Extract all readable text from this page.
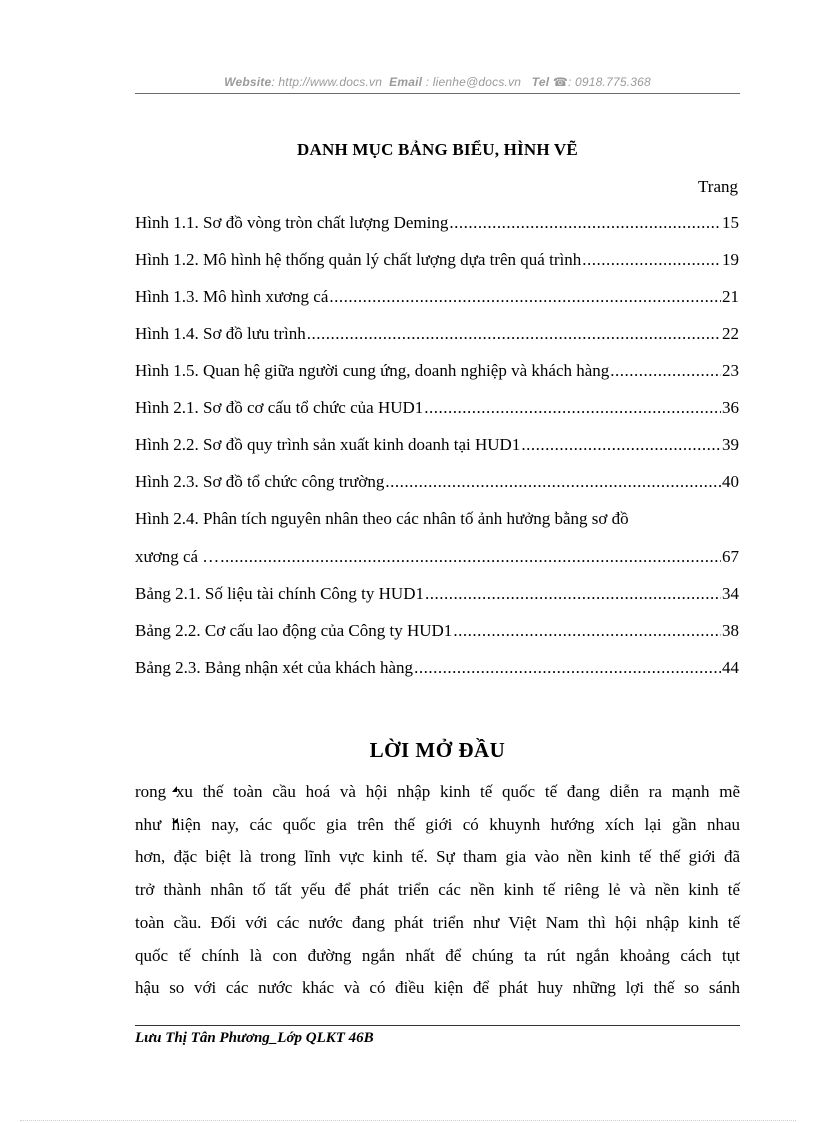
Website: http://www.docs.vn Email : lienhe@docs.vn Tel ☎: 0918.775.368
DANH MỤC BẢNG BIỂU, HÌNH VẼ
Trang
Hình 1.1. Sơ đồ vòng tròn chất lượng Deming .....	15
Hình 1.2. Mô hình hệ thống quản lý chất lượng dựa trên quá trình .....	19
Hình 1.3. Mô hình xương cá .....	21
Hình 1.4. Sơ đồ lưu trình .....	22
Hình 1.5. Quan hệ giữa người cung ứng, doanh nghiệp và khách hàng .....	23
Hình 2.1. Sơ đồ cơ cấu tổ chức của HUD1 .....	36
Hình 2.2. Sơ đồ quy trình sản xuất kinh doanh tại HUD1 .....	39
Hình 2.3. Sơ đồ tổ chức công trường .....	40
Hình 2.4. Phân tích nguyên nhân theo các nhân tố ảnh hưởng bằng sơ đồ
xương cá … .....	67
Bảng 2.1. Số liệu tài chính Công ty HUD1 .....	34
Bảng 2.2. Cơ cấu lao động của Công ty HUD1 .....	38
Bảng 2.3. Bảng nhận xét của khách hàng .....	44
LỜI MỞ ĐẦU
rong xu thế toàn cầu hoá và hội nhập kinh tế quốc tế đang diễn ra mạnh mẽ
như hiện nay, các quốc gia trên thế giới có khuynh hướng xích lại gần nhau
hơn, đặc biệt là trong lĩnh vực kinh tế. Sự tham gia vào nền kinh tế thế giới đã
trở thành nhân tố tất yếu để phát triển các nền kinh tế riêng lẻ và nền kinh tế
toàn cầu. Đối với các nước đang phát triển như Việt Nam thì hội nhập kinh tế
quốc tế chính là con đường ngắn nhất để chúng ta rút ngắn khoảng cách tụt
hậu so với các nước khác và có điều kiện để phát huy những lợi thế so sánh
Lưu Thị Tân Phương_Lớp QLKT 46B
